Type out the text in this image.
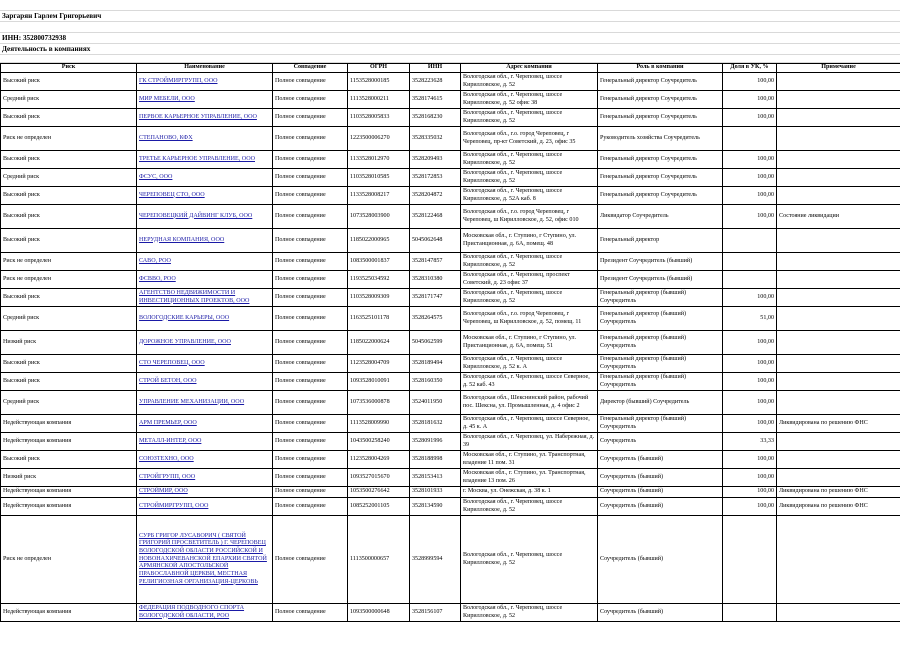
Заргарян Гарлем Григорьевич
ИНН: 352800732938
Деятельность в компаниях
Риск	Наименование	Совпадение	ОГРН	ИНН	Адрес компании	Роль в компании	Доля в УК, %	Примечание
Высокий риск	ГК СТРОЙМИРГРУПП, ООО	Полное совпадение	1153528000185	3528223628	Вологодская обл., г. Череповец, шоссе Кирилловское, д. 52	Генеральный директор Соучредитель	100,00	
Средний риск	МИР МЕБЕЛИ, ООО	Полное совпадение	1113528000211	3528174615	Вологодская обл., г. Череповец, шоссе Кирилловское, д. 52 офис 38	Генеральный директор Соучредитель	100,00	
Высокий риск	ПЕРВОЕ КАРЬЕРНОЕ УПРАВЛЕНИЕ, ООО	Полное совпадение	1103528005833	3528168230	Вологодская обл., г. Череповец, шоссе Кирилловское, д. 52	Генеральный директор Соучредитель	100,00	
Риск не определен	СТЕПАНОВО, КФХ	Полное совпадение	1223500006270	3528335032	Вологодская обл., г.о. город Череповец, г Череповец, пр-кт Советский, д. 23, офис 35	Руководитель хозяйства Соучредитель		
Высокий риск	ТРЕТЬЕ КАРЬЕРНОЕ УПРАВЛЕНИЕ, ООО	Полное совпадение	1133528012970	3528209493	Вологодская обл., г. Череповец, шоссе Кирилловское, д. 52	Генеральный директор Соучредитель	100,00	
Средний риск	ФСУС, ООО	Полное совпадение	1103528010585	3528172853	Вологодская обл., г. Череповец, шоссе Кирилловское, д. 52	Генеральный директор Соучредитель	100,00	
Высокий риск	ЧЕРЕПОВЕЦ СТО, ООО	Полное совпадение	1133528008217	3528204872	Вологодская обл., г. Череповец, шоссе Кирилловское, д. 52А каб. 8	Генеральный директор Соучредитель	100,00	
Высокий риск	ЧЕРЕПОВЕЦКИЙ ДАЙВИНГ КЛУБ, ООО	Полное совпадение	1073528003900	3528122468	Вологодская обл., г.о. город Череповец, г Череповец, ш Кирилловское, д. 52, офис 010	Ликвидатор Соучредитель	100,00	Состояние ликвидации
Высокий риск	НЕРУДНАЯ КОМПАНИЯ, ООО	Полное совпадение	1185022000965	5045062648	Московская обл., г. Ступино, г Ступино, ул. Пристанционная, д. 6А, помещ. 48	Генеральный директор		
Риск не определен	САВО, РОО	Полное совпадение	1083500001837	3528147857	Вологодская обл., г. Череповец, шоссе Кирилловское, д. 52	Президент Соучредитель (бывший)		
Риск не определен	ФСВВО, РОО	Полное совпадение	1193525034592	3528310380	Вологодская обл., г. Череповец, проспект Советский, д. 23 офис 37	Президент Соучредитель (бывший)		
Высокий риск	АГЕНТСТВО НЕДВИЖИМОСТИ И ИНВЕСТИЦИОННЫХ ПРОЕКТОВ, ООО	Полное совпадение	1103528009309	3528171747	Вологодская обл., г. Череповец, шоссе Кирилловское, д. 52	Генеральный директор (бывший) Соучредитель	100,00	
Средний риск	ВОЛОГОДСКИЕ КАРЬЕРЫ, ООО	Полное совпадение	1163525101178	3528264575	Вологодская обл., г.о. город Череповец, г Череповец, ш Кирилловское, д. 52, помещ. 11	Генеральный директор (бывший) Соучредитель	51,00	
Низкий риск	ДОРОЖНОЕ УПРАВЛЕНИЕ, ООО	Полное совпадение	1185022000624	5045062599	Московская обл., г. Ступино, г Ступино, ул. Пристанционная, д. 6А, помещ. 51	Генеральный директор (бывший) Соучредитель	100,00	
Высокий риск	СТО ЧЕРЕПОВЕЦ, ООО	Полное совпадение	1123528004709	3528189494	Вологодская обл., г. Череповец, шоссе Кирилловское, д. 52 к. А	Генеральный директор (бывший) Соучредитель	100,00	
Высокий риск	СТРОЙ БЕТОН, ООО	Полное совпадение	1093528010091	3528160350	Вологодская обл., г. Череповец, шоссе Северное, д. 52 каб. 43	Генеральный директор (бывший) Соучредитель	100,00	
Средний риск	УПРАВЛЕНИЕ МЕХАНИЗАЦИИ, ООО	Полное совпадение	1073536000878	3524011950	Вологодская обл., Шекснинский район, рабочий пос. Шексна, ул. Промышленная, д. 4 офис 2	Директор (бывший) Соучредитель	100,00	
Недействующая компания	АРМ ПРЕМЬЕР, ООО	Полное совпадение	1113528009990	3528181632	Вологодская обл., г. Череповец, шоссе Северное, д. 45 к. А	Генеральный директор (бывший) Соучредитель	100,00	Ликвидирована по решению ФНС
Недействующая компания	МЕТАЛЛ-ИНТЕР, ООО	Полное совпадение	1043500258240	3528091996	Вологодская обл., г. Череповец, ул. Набережная, д. 39	Соучредитель	33,33	
Высокий риск	СОЮЗТЕХНО, ООО	Полное совпадение	1123528004269	3528188998	Московская обл., г. Ступино, ул. Транспортная, владение 11 пом. 31	Соучредитель (бывший)	100,00	
Низкий риск	СТРОЙГРУПП, ООО	Полное совпадение	1093527015670	3528153413	Московская обл., г. Ступино, ул. Транспортная, владение 13 пом. 26	Соучредитель (бывший)	100,00	
Недействующая компания	СТРОЙМИР, ООО	Полное совпадение	1053500276642	3528101933	г. Москва, ул. Онежская, д. 38 к. 1	Соучредитель (бывший)	100,00	Ликвидирована по решению ФНС
Недействующая компания	СТРОЙМИРГРУПП, ООО	Полное совпадение	1085252001105	3528134590	Вологодская обл., г. Череповец, шоссе Кирилловское, д. 52	Соучредитель (бывший)	100,00	Ликвидирована по решению ФНС
Риск не определен	СУРБ ГРИГОР ЛУСАВОРИЧ ( СВЯТОЙ ГРИГОРИЙ ПРОСВЕТИТЕЛЬ ) Г. ЧЕРЕПОВЕЦ ВОЛОГОДСКОЙ ОБЛАСТИ РОССИЙСКОЙ И НОВОНАХИЧЕВАНСКОЙ ЕПАРХИИ СВЯТОЙ АРМЯНСКОЙ АПОСТОЛЬСКОЙ ПРАВОСЛАВНОЙ ЦЕРКВИ, МЕСТНАЯ РЕЛИГИОЗНАЯ ОРГАНИЗАЦИЯ-ЦЕРКОВЬ	Полное совпадение	1113500000657	3528999594	Вологодская обл., г. Череповец, шоссе Кирилловское, д. 52	Соучредитель (бывший)		
Недействующая компания	ФЕДЕРАЦИЯ ПОДВОДНОГО СПОРТА ВОЛОГОДСКОЙ ОБЛАСТИ, РОО	Полное совпадение	1093500000648	3528156107	Вологодская обл., г. Череповец, шоссе Кирилловское, д. 52	Соучредитель (бывший)		
